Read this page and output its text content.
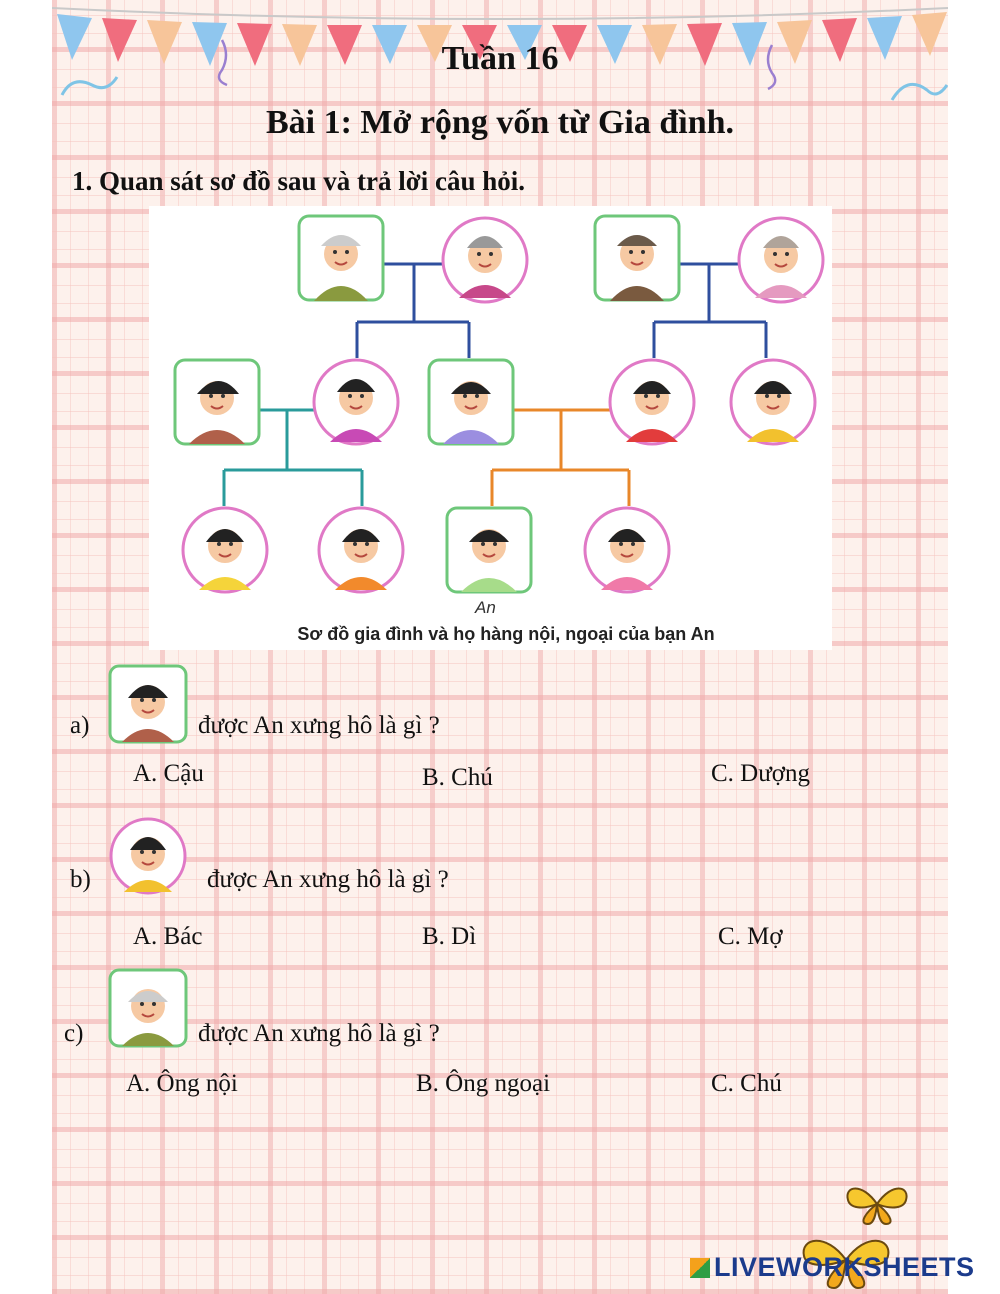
Tuần 16
Bài 1: Mở rộng vốn từ Gia đình.
1. Quan sát sơ đồ sau và trả lời câu hỏi.
An
Sơ đồ gia đình và họ hàng nội, ngoại của bạn An
a)	được An xưng hô là gì ?
A. Cậu	B. Chú	C. Dượng
b)	được An xưng hô là gì ?
A. Bác	B. Dì	C. Mợ
c)	được An xưng hô là gì ?
A. Ông nội	B. Ông ngoại	C. Chú
LIVEWORKSHEETS
